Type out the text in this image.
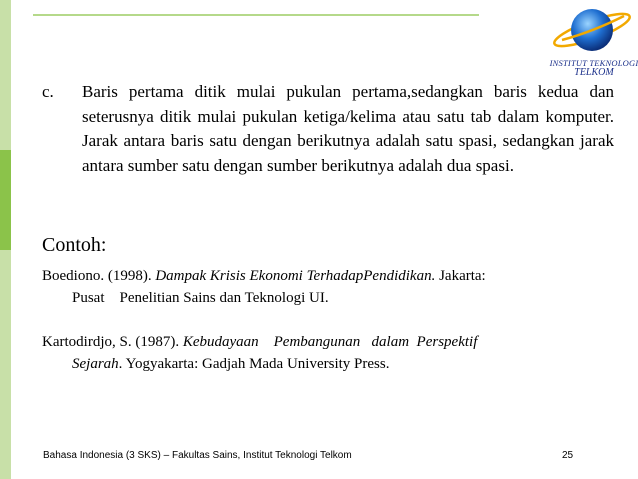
INSTITUT TEKNOLOGI
TELKOM
c. Baris pertama ditik mulai pukulan pertama,sedangkan baris kedua dan seterusnya ditik mulai pukulan ketiga/kelima atau satu tab dalam komputer. Jarak antara baris satu dengan berikutnya adalah satu spasi, sedangkan jarak antara sumber satu dengan sumber berikutnya adalah dua spasi.
Contoh:
Boediono. (1998). Dampak Krisis Ekonomi TerhadapPendidikan. Jakarta:
Pusat    Penelitian Sains dan Teknologi UI.
Kartodirdjo, S. (1987). Kebudayaan    Pembangunan   dalam  Perspektif
Sejarah. Yogyakarta: Gadjah Mada University Press.
Bahasa Indonesia (3 SKS) – Fakultas Sains, Institut Teknologi Telkom	25
